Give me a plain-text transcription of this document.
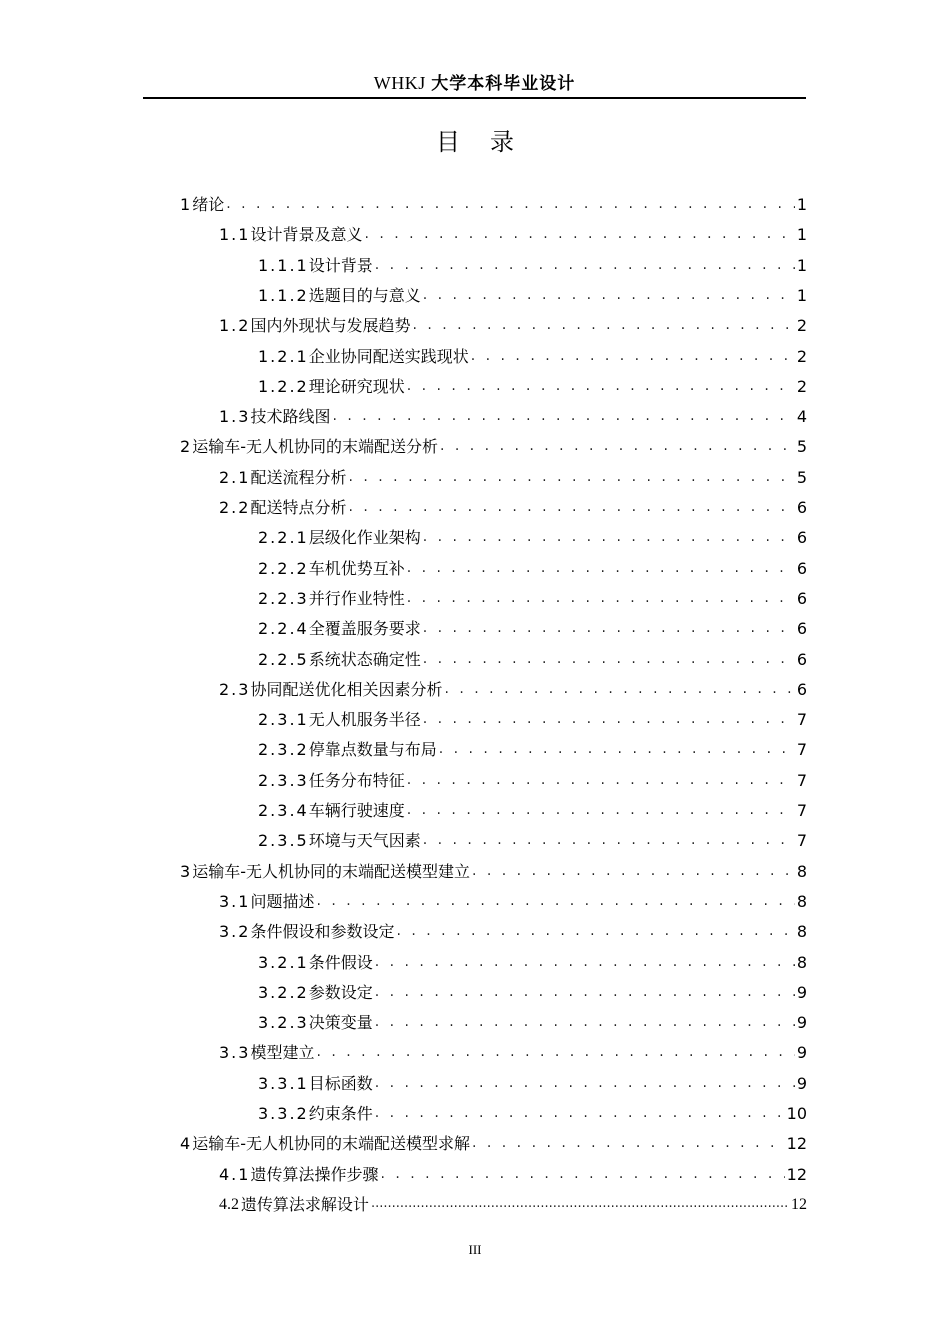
WHKJ 大学本科毕业设计
目录
1 绪论 . . .	1
1.1 设计背景及意义 . . .	1
1.1.1 设计背景 . . .	1
1.1.2 选题目的与意义 . . .	1
1.2 国内外现状与发展趋势 . . .	2
1.2.1 企业协同配送实践现状 . . .	2
1.2.2 理论研究现状 . . .	2
1.3 技术路线图 . . .	4
2 运输车-无人机协同的末端配送分析 . . .	5
2.1 配送流程分析 . . .	5
2.2 配送特点分析 . . .	6
2.2.1 层级化作业架构 . . .	6
2.2.2 车机优势互补 . . .	6
2.2.3 并行作业特性 . . .	6
2.2.4 全覆盖服务要求 . . .	6
2.2.5 系统状态确定性 . . .	6
2.3 协同配送优化相关因素分析 . . .	6
2.3.1 无人机服务半径 . . .	7
2.3.2 停靠点数量与布局 . . .	7
2.3.3 任务分布特征 . . .	7
2.3.4 车辆行驶速度 . . .	7
2.3.5 环境与天气因素 . . .	7
3 运输车-无人机协同的末端配送模型建立 . . .	8
3.1 问题描述 . . .	8
3.2 条件假设和参数设定 . . .	8
3.2.1 条件假设 . . .	8
3.2.2 参数设定 . . .	9
3.2.3 决策变量 . . .	9
3.3 模型建立 . . .	9
3.3.1 目标函数 . . .	9
3.3.2 约束条件 . . .	10
4 运输车-无人机协同的末端配送模型求解 . . .	12
4.1 遗传算法操作步骤 . . .	12
4.2 遗传算法求解设计 .....	12
III
